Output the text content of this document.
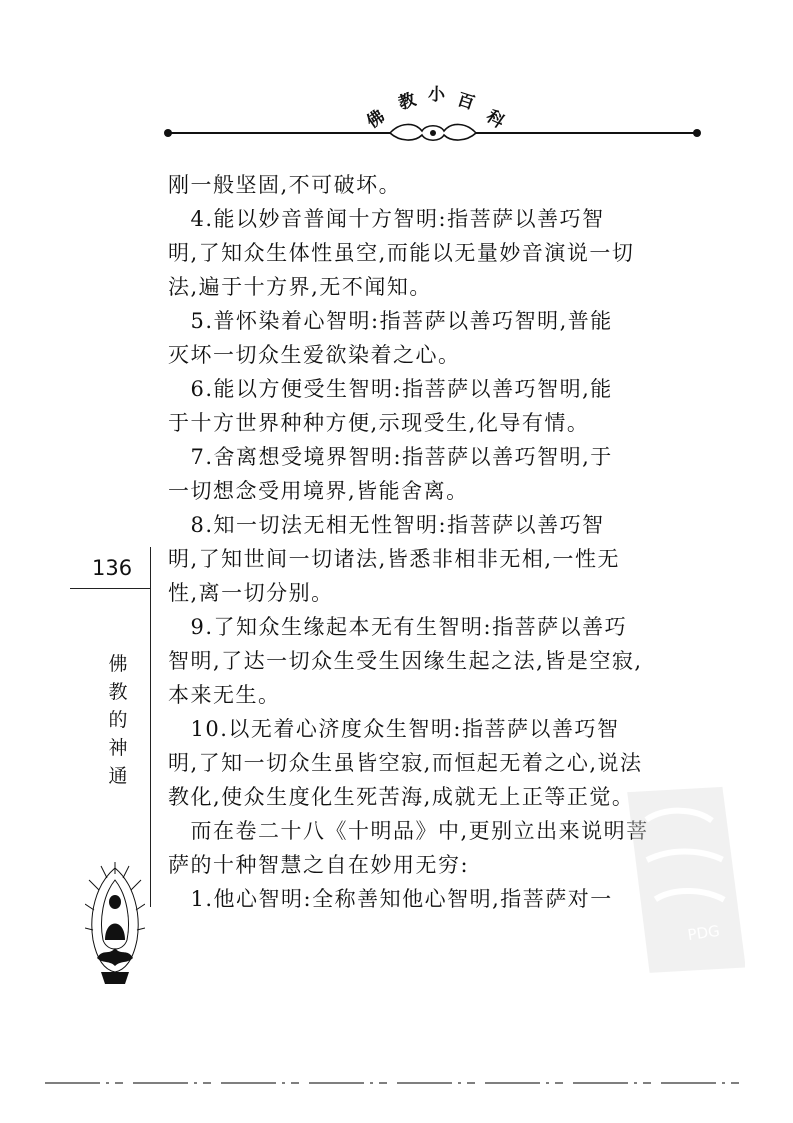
佛
教 小 百
科
刚一般坚固,不可破坏。
　4.能以妙音普闻十方智明:指菩萨以善巧智
明,了知众生体性虽空,而能以无量妙音演说一切
法,遍于十方界,无不闻知。
　5.普怀染着心智明:指菩萨以善巧智明,普能
灭坏一切众生爱欲染着之心。
　6.能以方便受生智明:指菩萨以善巧智明,能
于十方世界种种方便,示现受生,化导有情。
　7.舍离想受境界智明:指菩萨以善巧智明,于
一切想念受用境界,皆能舍离。
　8.知一切法无相无性智明:指菩萨以善巧智
明,了知世间一切诸法,皆悉非相非无相,一性无
性,离一切分别。
　9.了知众生缘起本无有生智明:指菩萨以善巧
智明,了达一切众生受生因缘生起之法,皆是空寂,
本来无生。
　10.以无着心济度众生智明:指菩萨以善巧智
明,了知一切众生虽皆空寂,而恒起无着之心,说法
教化,使众生度化生死苦海,成就无上正等正觉。
　而在卷二十八《十明品》中,更别立出来说明菩
萨的十种智慧之自在妙用无穷:
　1.他心智明:全称善知他心智明,指菩萨对一
136
佛
教
的
神
通
PDG
